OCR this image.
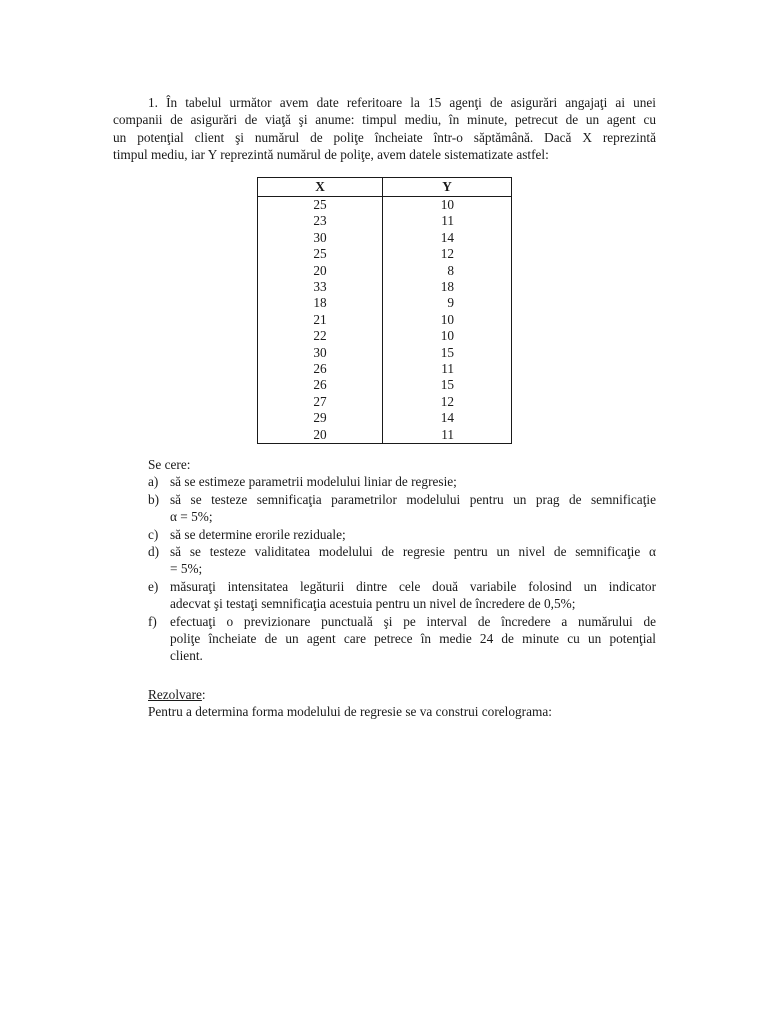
1. În tabelul următor avem date referitoare la 15 agenţi de asigurări angajaţi ai unei
companii de asigurări de viaţă şi anume: timpul mediu, în minute, petrecut de un agent cu
un potenţial client şi numărul de poliţe încheiate într-o săptămână. Dacă X reprezintă
timpul mediu, iar Y reprezintă numărul de poliţe, avem datele sistematizate astfel:
X	Y
25	10
23	11
30	14
25	12
20	8
33	18
18	9
21	10
22	10
30	15
26	11
26	15
27	12
29	14
20	11
Se cere:
a) să se estimeze parametrii modelului liniar de regresie;
b) să se testeze semnificaţia parametrilor modelului pentru un prag de semnificaţie
α = 5%;
c) să se determine erorile reziduale;
d) să se testeze validitatea modelului de regresie pentru un nivel de semnificaţie α
= 5%;
e) măsuraţi intensitatea legăturii dintre cele două variabile folosind un indicator
adecvat şi testaţi semnificaţia acestuia pentru un nivel de încredere de 0,5%;
f) efectuaţi o previzionare punctuală şi pe interval de încredere a numărului de
poliţe încheiate de un agent care petrece în medie 24 de minute cu un potenţial
client.
Rezolvare:
Pentru a determina forma modelului de regresie se va construi corelograma:
